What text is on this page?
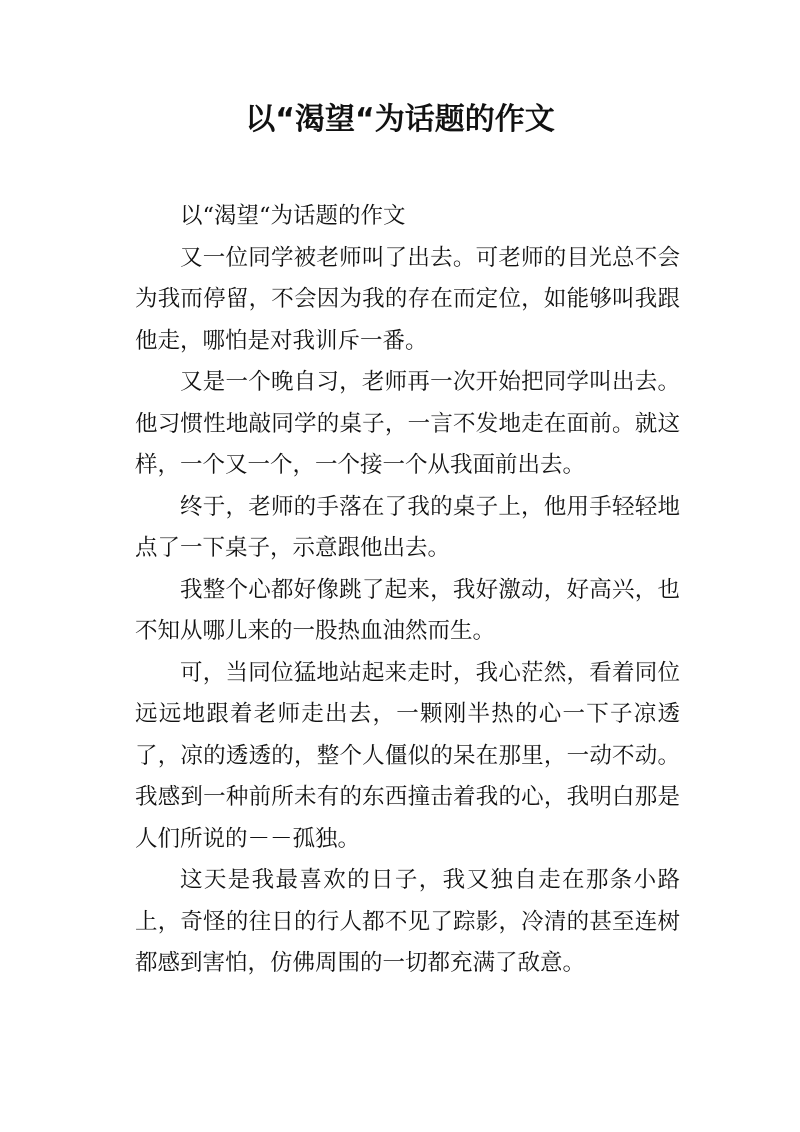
以“渴望“为话题的作文

以“渴望“为话题的作文

又一位同学被老师叫了出去。可老师的目光总不会为我而停留，不会因为我的存在而定位，如能够叫我跟他走，哪怕是对我训斥一番。

又是一个晚自习，老师再一次开始把同学叫出去。他习惯性地敲同学的桌子，一言不发地走在面前。就这样，一个又一个，一个接一个从我面前出去。

终于，老师的手落在了我的桌子上，他用手轻轻地点了一下桌子，示意跟他出去。

我整个心都好像跳了起来，我好激动，好高兴，也不知从哪儿来的一股热血油然而生。

可，当同位猛地站起来走时，我心茫然，看着同位远远地跟着老师走出去，一颗刚半热的心一下子凉透了，凉的透透的，整个人僵似的呆在那里，一动不动。我感到一种前所未有的东西撞击着我的心，我明白那是人们所说的－－孤独。

这天是我最喜欢的日子，我又独自走在那条小路上，奇怪的往日的行人都不见了踪影，冷清的甚至连树都感到害怕，仿佛周围的一切都充满了敌意。
